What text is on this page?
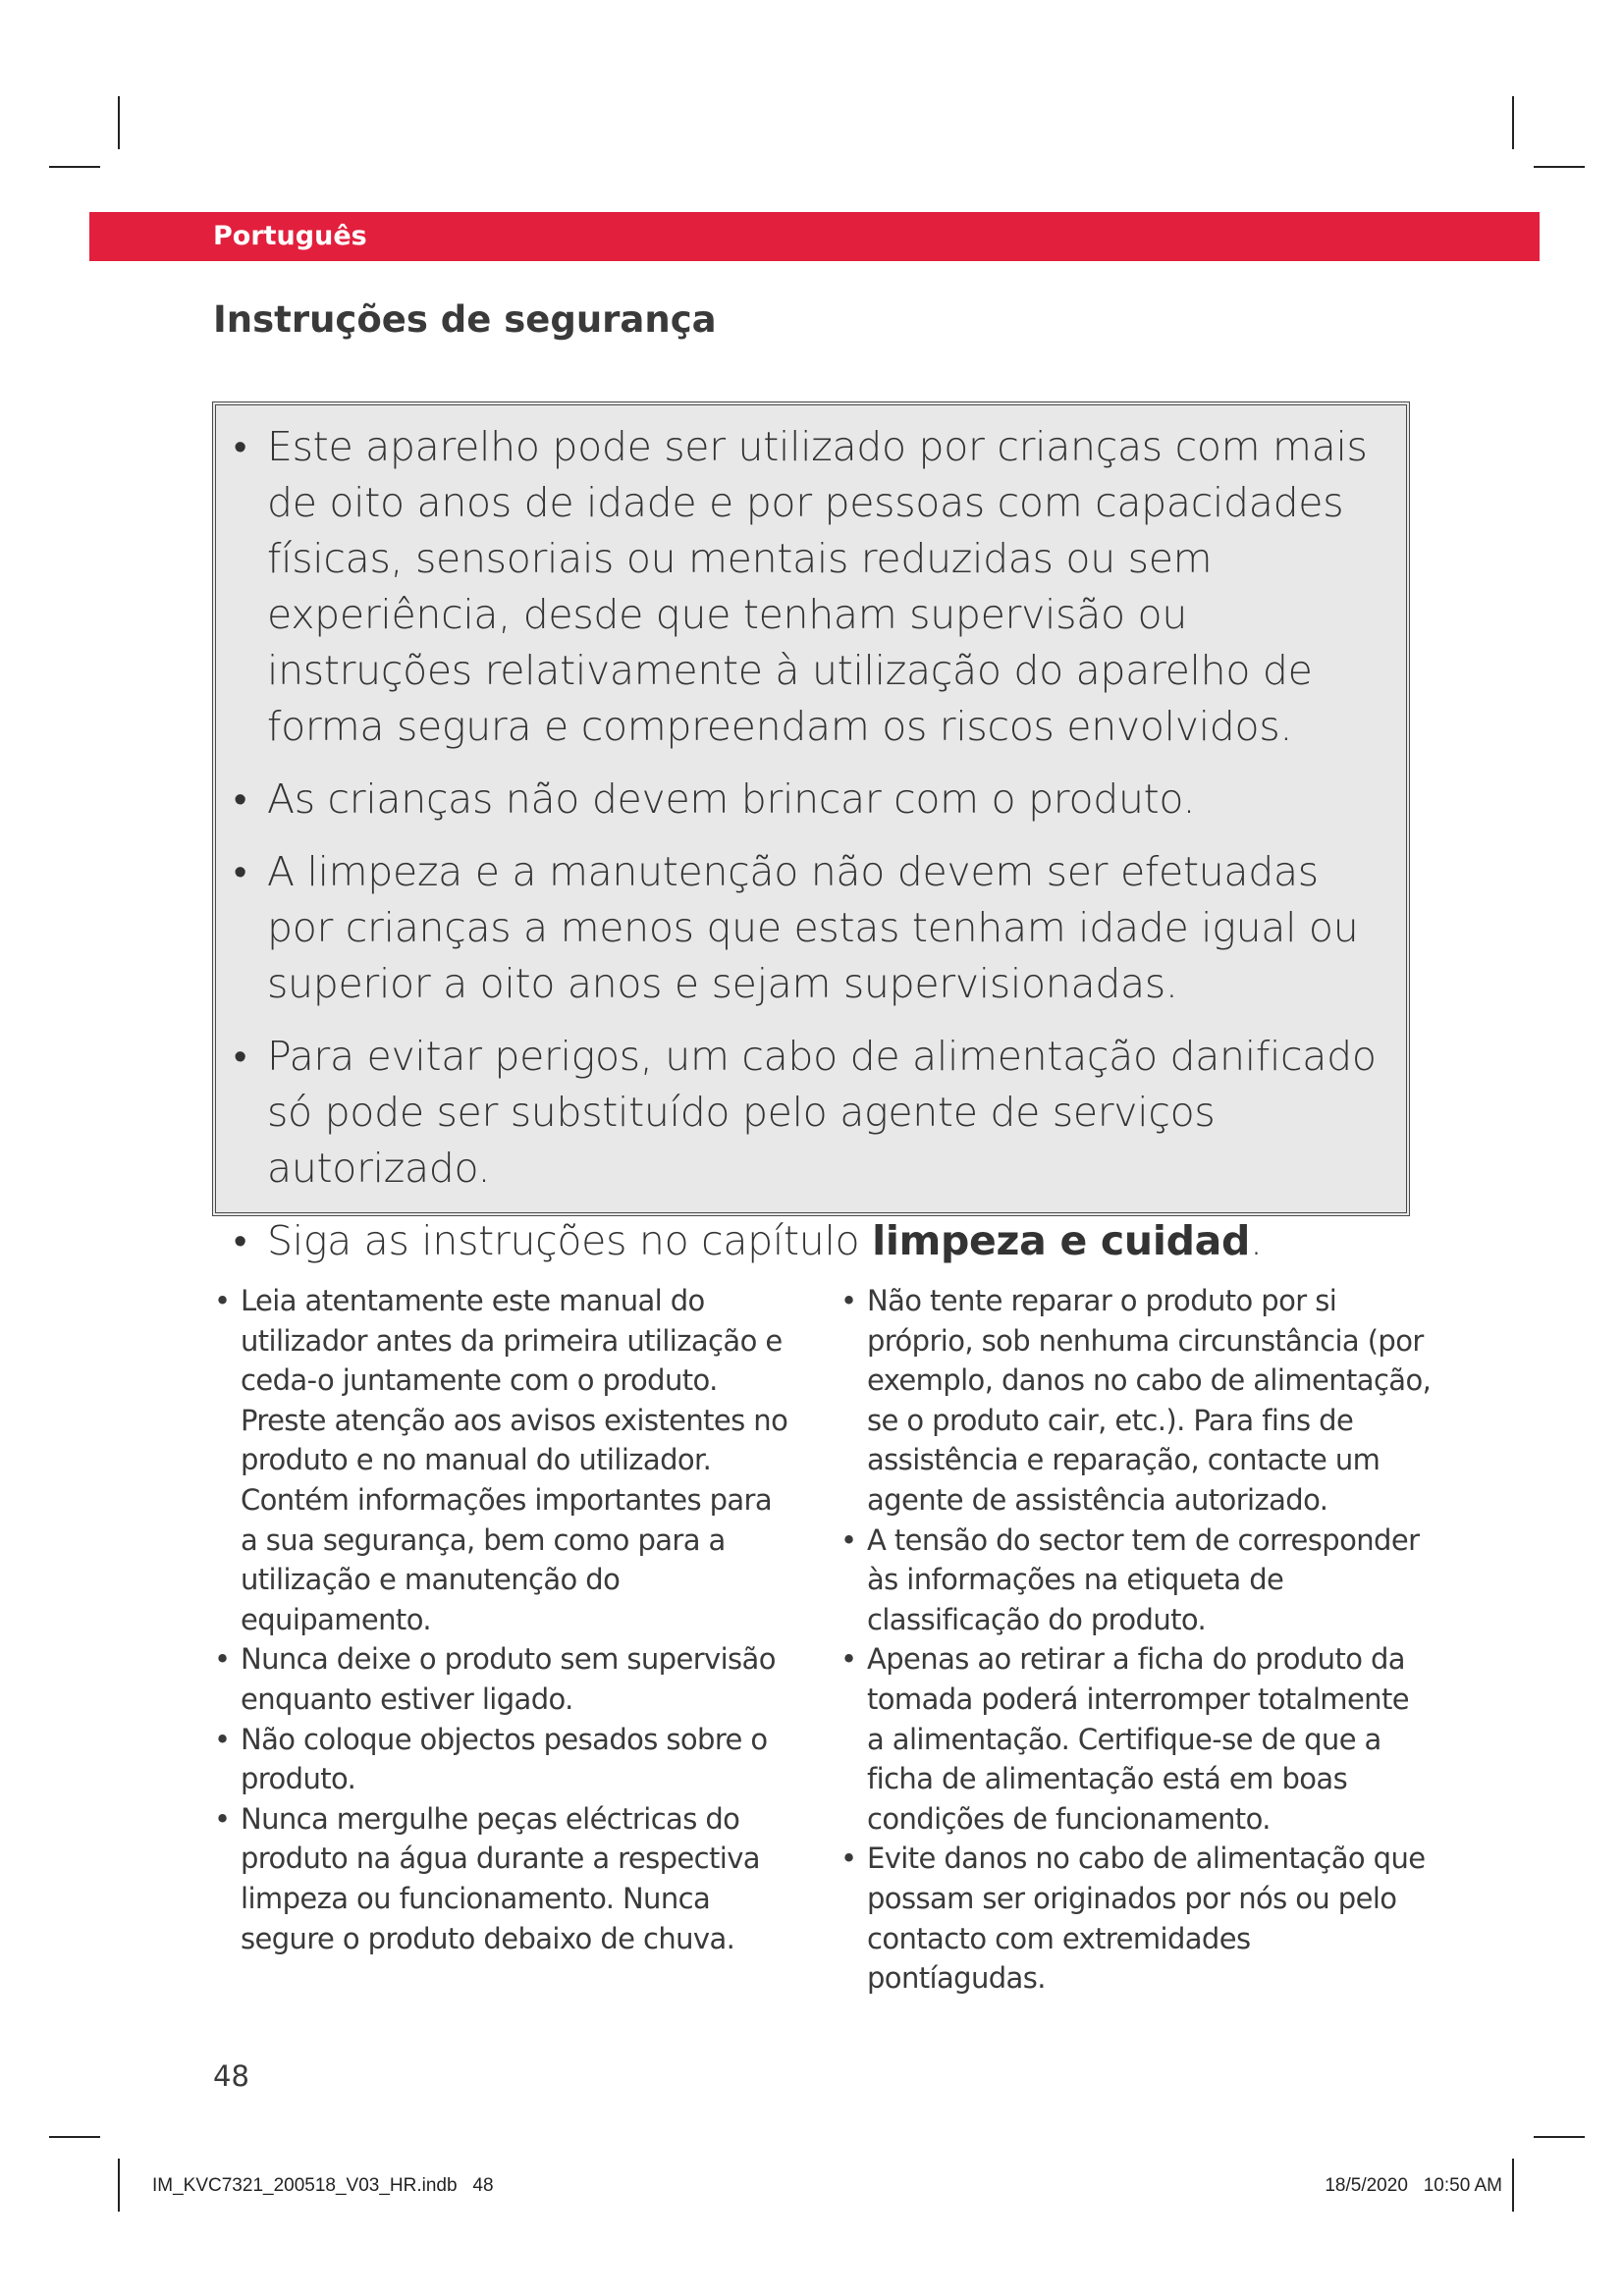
Português
Instruções de segurança
• Este aparelho pode ser utilizado por crianças com mais de oito anos de idade e por pessoas com capacidades físicas, sensoriais ou mentais reduzidas ou sem experiência, desde que tenham supervisão ou instruções relativamente à utilização do aparelho de forma segura e compreendam os riscos envolvidos.
• As crianças não devem brincar com o produto.
• A limpeza e a manutenção não devem ser efetuadas por crianças a menos que estas tenham idade igual ou superior a oito anos e sejam supervisionadas.
• Para evitar perigos, um cabo de alimentação danificado só pode ser substituído pelo agente de serviços autorizado.
• Siga as instruções no capítulo limpeza e cuidad.
• Leia atentamente este manual do utilizador antes da primeira utilização e ceda-o juntamente com o produto. Preste atenção aos avisos existentes no produto e no manual do utilizador. Contém informações importantes para a sua segurança, bem como para a utilização e manutenção do equipamento.
• Nunca deixe o produto sem supervisão enquanto estiver ligado.
• Não coloque objectos pesados sobre o produto.
• Nunca mergulhe peças eléctricas do produto na água durante a respectiva limpeza ou funcionamento. Nunca segure o produto debaixo de chuva.
• Não tente reparar o produto por si próprio, sob nenhuma circunstância (por exemplo, danos no cabo de alimentação, se o produto cair, etc.). Para fins de assistência e reparação, contacte um agente de assistência autorizado.
• A tensão do sector tem de corresponder às informações na etiqueta de classificação do produto.
• Apenas ao retirar a ficha do produto da tomada poderá interromper totalmente a alimentação. Certifique-se de que a ficha de alimentação está em boas condições de funcionamento.
• Evite danos no cabo de alimentação que possam ser originados por nós ou pelo contacto com extremidades pontíagudas.
48
IM_KVC7321_200518_V03_HR.indb   48	18/5/2020   10:50 AM
